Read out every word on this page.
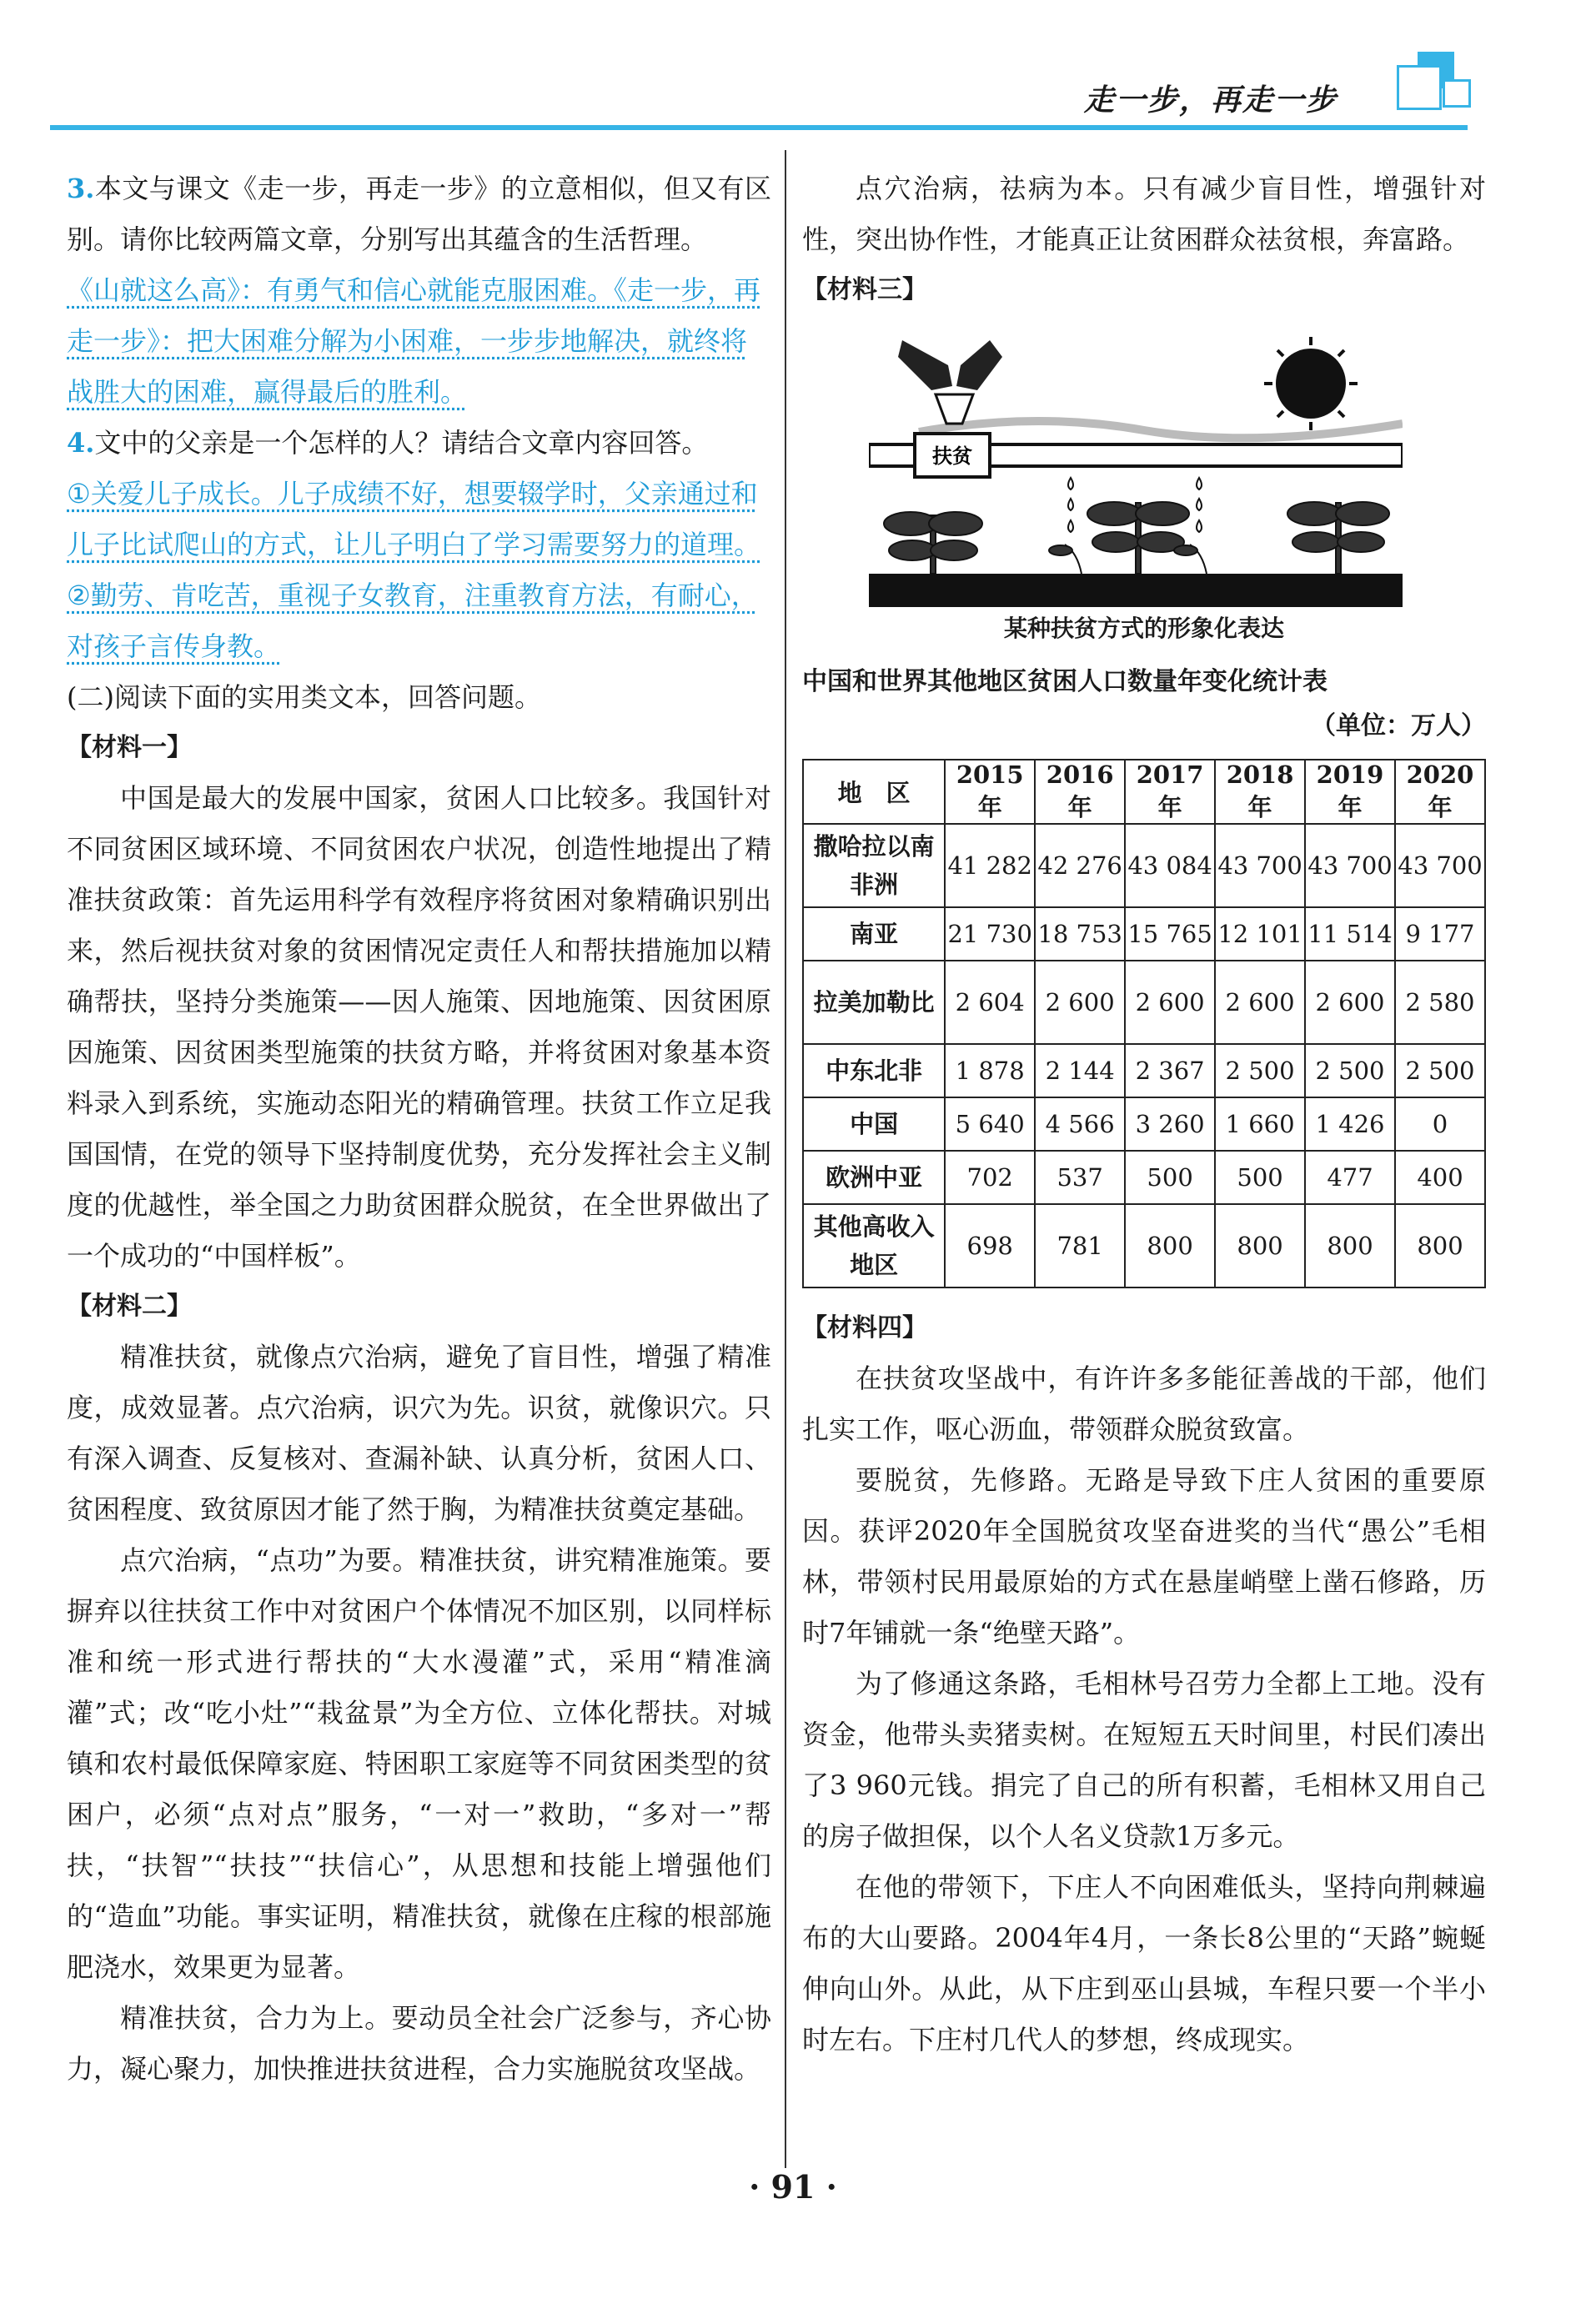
走一步，再走一步

3.本文与课文《走一步，再走一步》的立意相似，但又有区别。请你比较两篇文章，分别写出其蕴含的生活哲理。

《山就这么高》：有勇气和信心就能克服困难。《走一步，再走一步》：把大困难分解为小困难，一步步地解决，就终将战胜大的困难，赢得最后的胜利。

4.文中的父亲是一个怎样的人？请结合文章内容回答。

①关爱儿子成长。儿子成绩不好，想要辍学时，父亲通过和儿子比试爬山的方式，让儿子明白了学习需要努力的道理。②勤劳、肯吃苦，重视子女教育，注重教育方法，有耐心，对孩子言传身教。

(二)阅读下面的实用类文本，回答问题。

【材料一】

中国是最大的发展中国家，贫困人口比较多。我国针对不同贫困区域环境、不同贫困农户状况，创造性地提出了精准扶贫政策：首先运用科学有效程序将贫困对象精确识别出来，然后视扶贫对象的贫困情况定责任人和帮扶措施加以精确帮扶，坚持分类施策——因人施策、因地施策、因贫困原因施策、因贫困类型施策的扶贫方略，并将贫困对象基本资料录入到系统，实施动态阳光的精确管理。扶贫工作立足我国国情，在党的领导下坚持制度优势，充分发挥社会主义制度的优越性，举全国之力助贫困群众脱贫，在全世界做出了一个成功的“中国样板”。

【材料二】

精准扶贫，就像点穴治病，避免了盲目性，增强了精准度，成效显著。点穴治病，识穴为先。识贫，就像识穴。只有深入调查、反复核对、查漏补缺、认真分析，贫困人口、贫困程度、致贫原因才能了然于胸，为精准扶贫奠定基础。

点穴治病，“点功”为要。精准扶贫，讲究精准施策。要摒弃以往扶贫工作中对贫困户个体情况不加区别，以同样标准和统一形式进行帮扶的“大水漫灌”式，采用“精准滴灌”式；改“吃小灶”“栽盆景”为全方位、立体化帮扶。对城镇和农村最低保障家庭、特困职工家庭等不同贫困类型的贫困户，必须“点对点”服务，“一对一”救助，“多对一”帮扶，“扶智”“扶技”“扶信心”，从思想和技能上增强他们的“造血”功能。事实证明，精准扶贫，就像在庄稼的根部施肥浇水，效果更为显著。

精准扶贫，合力为上。要动员全社会广泛参与，齐心协力，凝心聚力，加快推进扶贫进程，合力实施脱贫攻坚战。

点穴治病，祛病为本。只有减少盲目性，增强针对性，突出协作性，才能真正让贫困群众祛贫根，奔富路。

【材料三】

扶贫

某种扶贫方式的形象化表达

中国和世界其他地区贫困人口数量年变化统计表

（单位：万人）

地　区	2015年	2016年	2017年	2018年	2019年	2020年
撒哈拉以南非洲	41 282	42 276	43 084	43 700	43 700	43 700
南亚	21 730	18 753	15 765	12 101	11 514	9 177
拉美加勒比	2 604	2 600	2 600	2 600	2 600	2 580
中东北非	1 878	2 144	2 367	2 500	2 500	2 500
中国	5 640	4 566	3 260	1 660	1 426	0
欧洲中亚	702	537	500	500	477	400
其他高收入地区	698	781	800	800	800	800

【材料四】

在扶贫攻坚战中，有许许多多能征善战的干部，他们扎实工作，呕心沥血，带领群众脱贫致富。

要脱贫，先修路。无路是导致下庄人贫困的重要原因。获评2020年全国脱贫攻坚奋进奖的当代“愚公”毛相林，带领村民用最原始的方式在悬崖峭壁上凿石修路，历时7年铺就一条“绝壁天路”。

为了修通这条路，毛相林号召劳力全都上工地。没有资金，他带头卖猪卖树。在短短五天时间里，村民们凑出了3 960元钱。捐完了自己的所有积蓄，毛相林又用自己的房子做担保，以个人名义贷款1万多元。

在他的带领下，下庄人不向困难低头，坚持向荆棘遍布的大山要路。2004年4月，一条长8公里的“天路”蜿蜒伸向山外。从此，从下庄到巫山县城，车程只要一个半小时左右。下庄村几代人的梦想，终成现实。

· 91 ·
